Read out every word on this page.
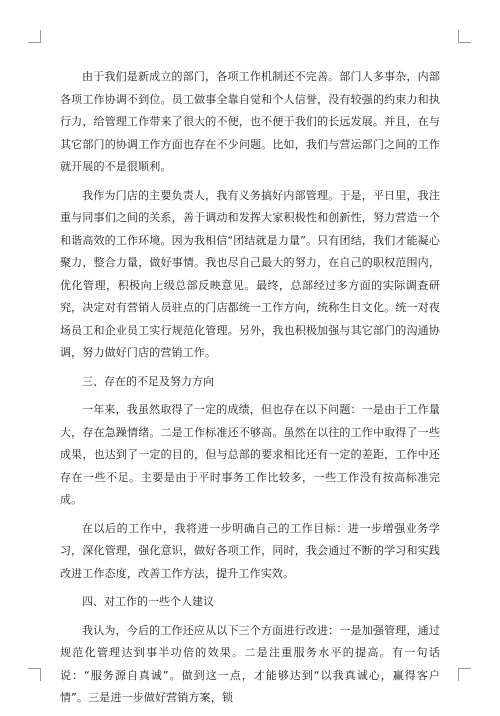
由于我们是新成立的部门，各项工作机制还不完善。部门人多事杂，内部各项工作协调不到位。员工做事全靠自觉和个人信誉，没有较强的约束力和执行力，给管理工作带来了很大的不便，也不便于我们的长远发展。并且，在与其它部门的协调工作方面也存在不少问题。比如，我们与营运部门之间的工作就开展的不是很顺利。

我作为门店的主要负责人，我有义务搞好内部管理。于是，平日里，我注重与同事们之间的关系，善于调动和发挥大家积极性和创新性，努力营造一个和谐高效的工作环境。因为我相信“团结就是力量”。只有团结，我们才能凝心聚力，整合力量，做好事情。我也尽自己最大的努力，在自己的职权范围内，优化管理，积极向上级总部反映意见。最终，总部经过多方面的实际调查研究，决定对有营销人员驻点的门店都统一工作方向，统称生日文化。统一对夜场员工和企业员工实行规范化管理。另外，我也积极加强与其它部门的沟通协调，努力做好门店的营销工作。

三、存在的不足及努力方向

一年来，我虽然取得了一定的成绩，但也存在以下问题：一是由于工作量大，存在急躁情绪。二是工作标准还不够高。虽然在以往的工作中取得了一些成果，也达到了一定的目的，但与总部的要求相比还有一定的差距，工作中还存在一些不足。主要是由于平时事务工作比较多，一些工作没有按高标准完成。

在以后的工作中，我将进一步明确自己的工作目标：进一步增强业务学习，深化管理，强化意识，做好各项工作，同时，我会通过不断的学习和实践改进工作态度，改善工作方法，提升工作实效。

四、对工作的一些个人建议

我认为，今后的工作还应从以下三个方面进行改进：一是加强管理，通过规范化管理达到事半功倍的效果。二是注重服务水平的提高。有一句话说：“服务源自真诚”。做到这一点，才能够达到“以我真诚心，赢得客户情”。三是进一步做好营销方案，锁
